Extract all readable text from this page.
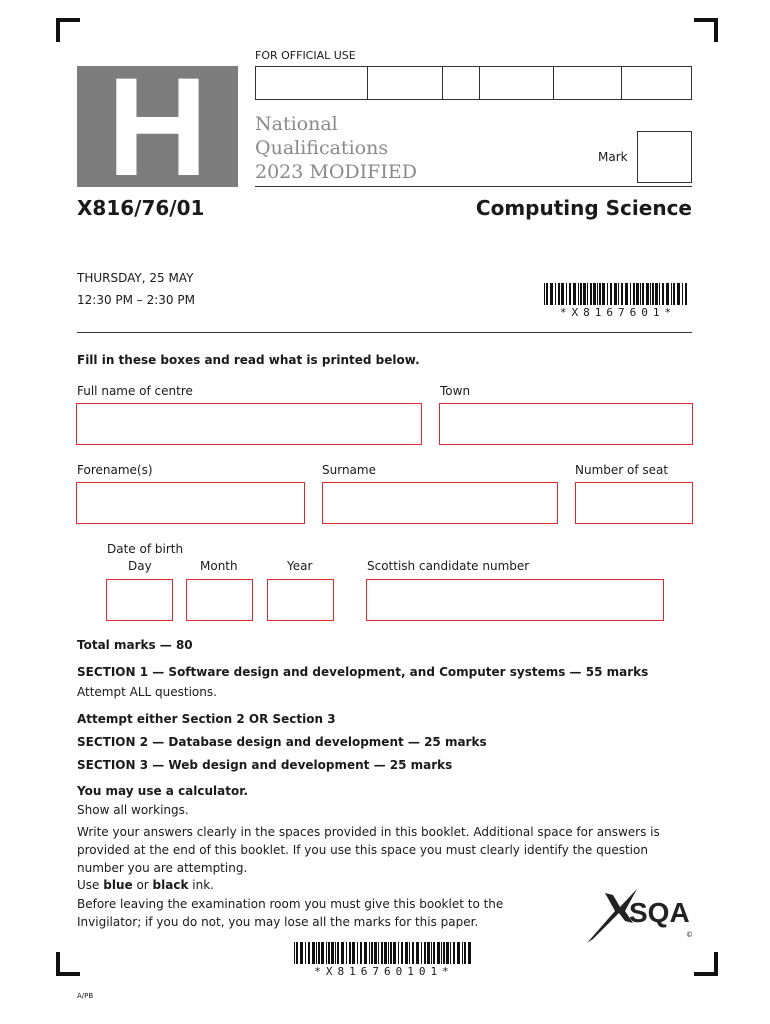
FOR OFFICIAL USE
H National
Qualifications
2023 MODIFIED
Mark
X816/76/01	Computing Science
THURSDAY, 25 MAY
12:30 PM – 2:30 PM
*X8167601*
Fill in these boxes and read what is printed below.
Full name of centre	Town
Forename(s)	Surname	Number of seat
Date of birth
Day	Month	Year	Scottish candidate number
Total marks — 80
SECTION 1 — Software design and development, and Computer systems — 55 marks
Attempt ALL questions.
Attempt either Section 2 OR Section 3
SECTION 2 — Database design and development — 25 marks
SECTION 3 — Web design and development — 25 marks
You may use a calculator.
Show all workings.
Write your answers clearly in the spaces provided in this booklet. Additional space for answers is provided at the end of this booklet. If you use this space you must clearly identify the question number you are attempting.
Use blue or black ink.
Before leaving the examination room you must give this booklet to the Invigilator; if you do not, you may lose all the marks for this paper.	SQA
©
*X816760101*
A/PB
